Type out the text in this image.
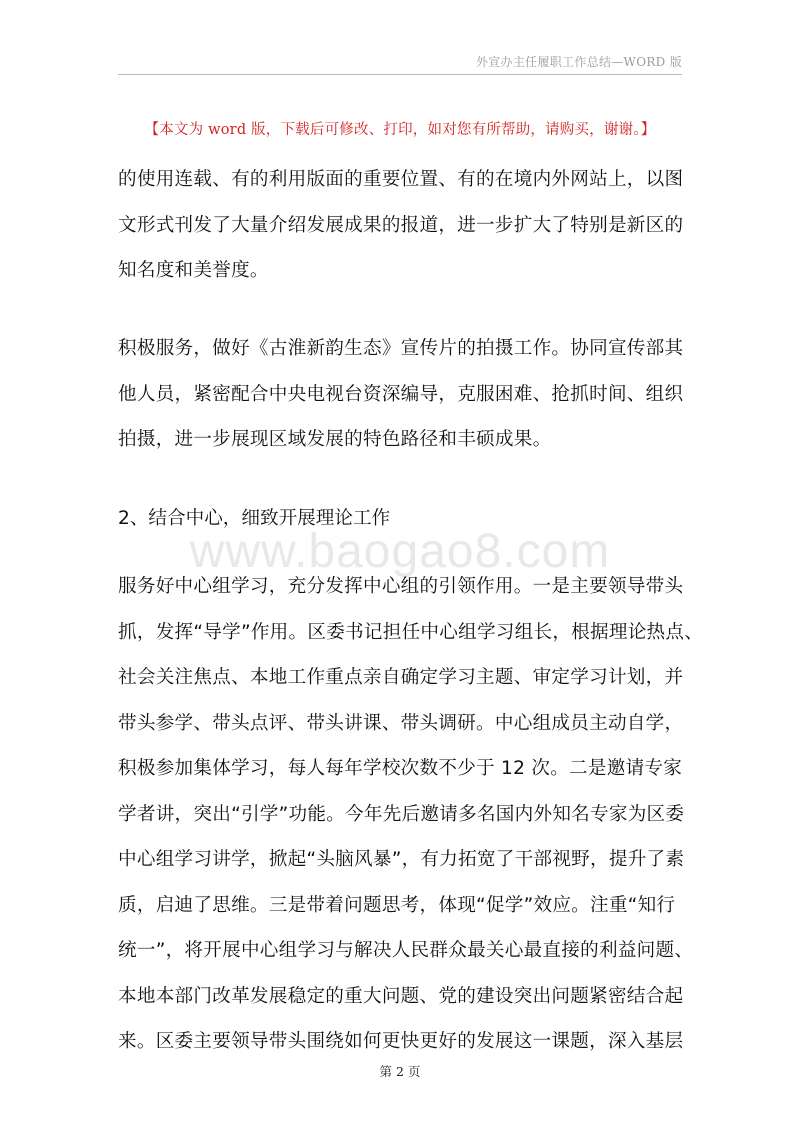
外宣办主任履职工作总结—WORD 版
【本文为 word 版，下载后可修改、打印，如对您有所帮助，请购买，谢谢。】
的使用连载、有的利用版面的重要位置、有的在境内外网站上，以图
文形式刊发了大量介绍发展成果的报道，进一步扩大了特别是新区的
知名度和美誉度。
积极服务，做好《古淮新韵生态》宣传片的拍摄工作。协同宣传部其
他人员，紧密配合中央电视台资深编导，克服困难、抢抓时间、组织
拍摄，进一步展现区域发展的特色路径和丰硕成果。
2、结合中心，细致开展理论工作
www.baogao8.com
服务好中心组学习，充分发挥中心组的引领作用。一是主要领导带头
抓，发挥“导学”作用。区委书记担任中心组学习组长，根据理论热点、
社会关注焦点、本地工作重点亲自确定学习主题、审定学习计划，并
带头参学、带头点评、带头讲课、带头调研。中心组成员主动自学，
积极参加集体学习，每人每年学校次数不少于 12 次。二是邀请专家
学者讲，突出“引学”功能。今年先后邀请多名国内外知名专家为区委
中心组学习讲学，掀起“头脑风暴”，有力拓宽了干部视野，提升了素
质，启迪了思维。三是带着问题思考，体现“促学”效应。注重“知行
统一”，将开展中心组学习与解决人民群众最关心最直接的利益问题、
本地本部门改革发展稳定的重大问题、党的建设突出问题紧密结合起
来。区委主要领导带头围绕如何更快更好的发展这一课题，深入基层
第 2 页
